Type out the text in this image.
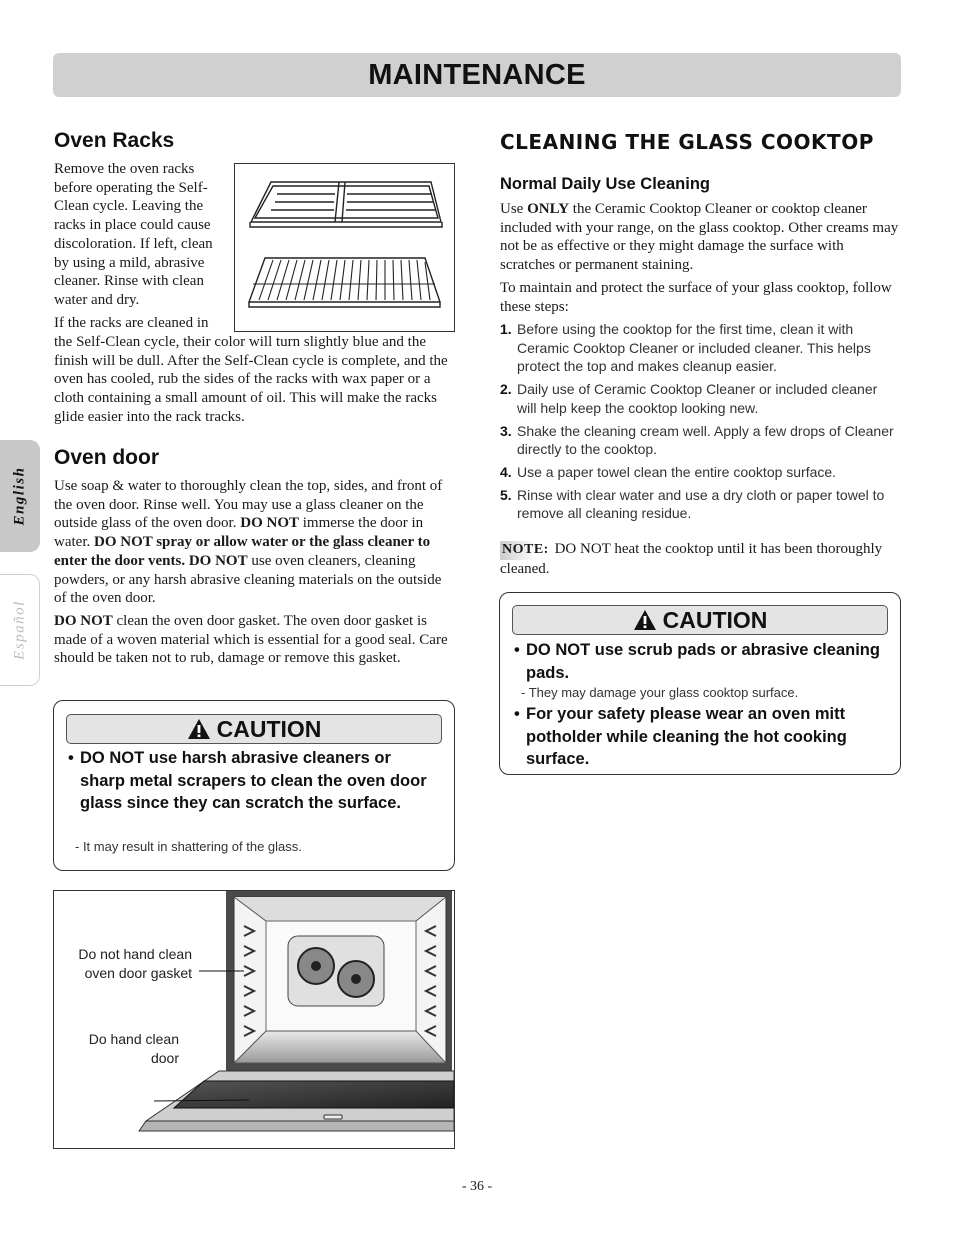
MAINTENANCE
English
Español
Oven Racks
Remove the oven racks
before operating the Self-
Clean cycle. Leaving the
racks in place could cause
discoloration. If left, clean
by using a mild, abrasive
cleaner. Rinse with clean
water and dry.
If the racks are cleaned in
the Self-Clean cycle, their color will turn slightly blue and the finish will be dull. After the Self-Clean cycle is complete, and the oven has cooled, rub the sides of the racks with wax paper or a cloth containing a small amount of oil. This will make the racks glide easier into the rack tracks.
Oven door
Use soap & water to thoroughly clean the top, sides, and front of the oven door. Rinse well. You may use a glass cleaner on the outside glass of the oven door. DO NOT immerse the door in water. DO NOT spray or allow water or the glass cleaner to enter the door vents. DO NOT use oven cleaners, cleaning powders, or any harsh abrasive cleaning materials on the outside of the oven door.
DO NOT clean the oven door gasket. The oven door gasket is made of a woven material which is essential for a good seal. Care should be taken not to rub, damage or remove this gasket.
CAUTION
• DO NOT use harsh abrasive cleaners or sharp metal scrapers to clean the oven door glass since they can scratch the surface.
- It may result in shattering of the glass.
Do not hand clean oven door gasket
Do hand clean door
CLEANING THE GLASS COOKTOP
Normal Daily Use Cleaning
Use ONLY the Ceramic Cooktop Cleaner or cooktop cleaner included with your range, on the glass cooktop. Other creams may not be as effective or they might damage the surface with scratches or permanent staining.
To maintain and protect the surface of your glass cooktop, follow these steps:
1. Before using the cooktop for the first time, clean it with Ceramic Cooktop Cleaner or included cleaner. This helps protect the top and makes cleanup easier.
2. Daily use of Ceramic Cooktop Cleaner or included cleaner will help keep the cooktop looking new.
3. Shake the cleaning cream well. Apply a few drops of Cleaner directly to the cooktop.
4. Use a paper towel clean the entire cooktop surface.
5. Rinse with clear water and use a dry cloth or paper towel to remove all cleaning residue.
NOTE: DO NOT heat the cooktop until it has been thoroughly cleaned.
CAUTION
• DO NOT use scrub pads or abrasive cleaning pads.
- They may damage your glass cooktop surface.
• For your safety please wear an oven mitt potholder while cleaning the hot cooking surface.
- 36 -
